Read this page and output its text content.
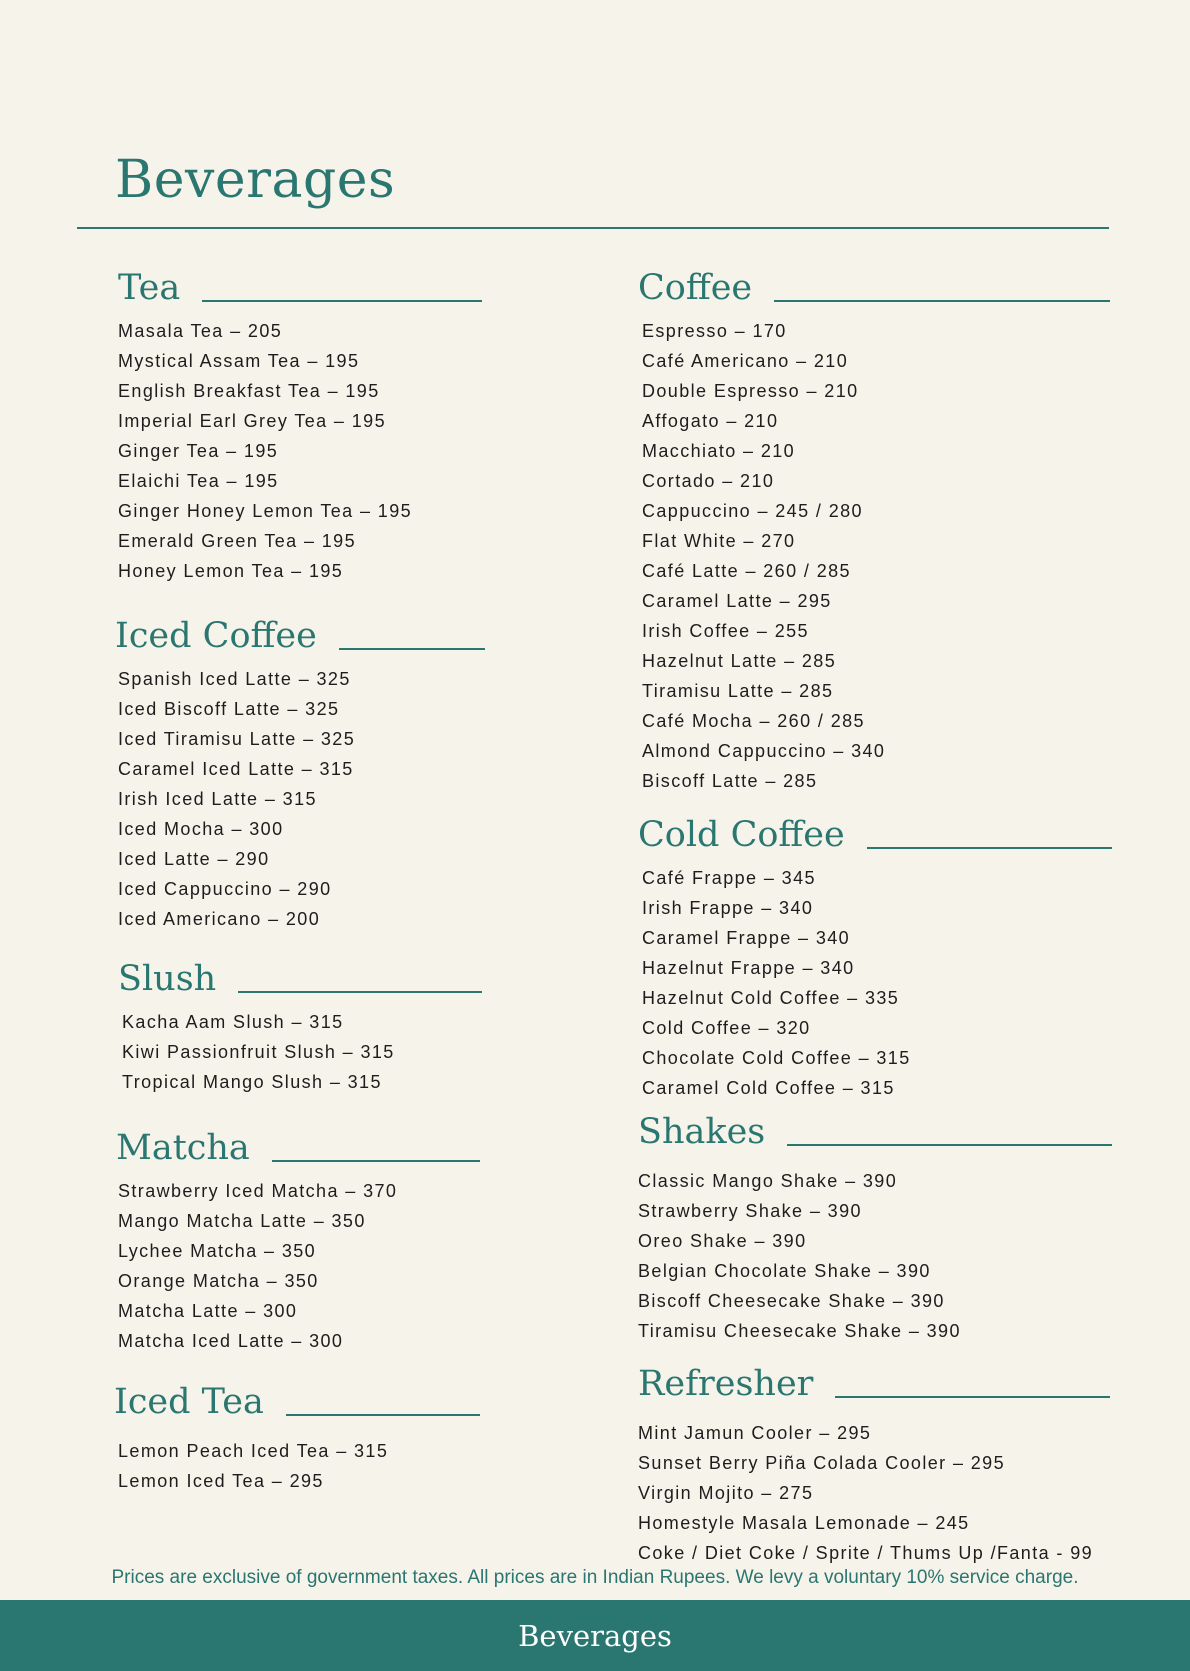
Beverages
Tea
Masala Tea – 205
Mystical Assam Tea – 195
English Breakfast Tea – 195
Imperial Earl Grey Tea – 195
Ginger Tea – 195
Elaichi Tea – 195
Ginger Honey Lemon Tea – 195
Emerald Green Tea – 195
Honey Lemon Tea – 195
Iced Coffee
Spanish Iced Latte – 325
Iced Biscoff Latte – 325
Iced Tiramisu Latte – 325
Caramel Iced Latte – 315
Irish Iced Latte – 315
Iced Mocha – 300
Iced Latte – 290
Iced Cappuccino – 290
Iced Americano – 200
Slush
Kacha Aam Slush – 315
Kiwi Passionfruit Slush – 315
Tropical Mango Slush – 315
Matcha
Strawberry Iced Matcha – 370
Mango Matcha Latte – 350
Lychee Matcha – 350
Orange Matcha – 350
Matcha Latte – 300
Matcha Iced Latte – 300
Iced Tea
Lemon Peach Iced Tea – 315
Lemon Iced Tea – 295
Coffee
Espresso – 170
Café Americano – 210
Double Espresso – 210
Affogato – 210
Macchiato – 210
Cortado – 210
Cappuccino – 245 / 280
Flat White – 270
Café Latte – 260 / 285
Caramel Latte – 295
Irish Coffee – 255
Hazelnut Latte – 285
Tiramisu Latte – 285
Café Mocha – 260 / 285
Almond Cappuccino – 340
Biscoff Latte – 285
Cold Coffee
Café Frappe – 345
Irish Frappe – 340
Caramel Frappe – 340
Hazelnut Frappe – 340
Hazelnut Cold Coffee – 335
Cold Coffee – 320
Chocolate Cold Coffee – 315
Caramel Cold Coffee – 315
Shakes
Classic Mango Shake – 390
Strawberry Shake – 390
Oreo Shake – 390
Belgian Chocolate Shake – 390
Biscoff Cheesecake Shake – 390
Tiramisu Cheesecake Shake – 390
Refresher
Mint Jamun Cooler – 295
Sunset Berry Piña Colada Cooler – 295
Virgin Mojito – 275
Homestyle Masala Lemonade – 245
Coke / Diet Coke / Sprite / Thums Up /Fanta - 99

Prices are exclusive of government taxes. All prices are in Indian Rupees. We levy a voluntary 10% service charge.

Beverages
